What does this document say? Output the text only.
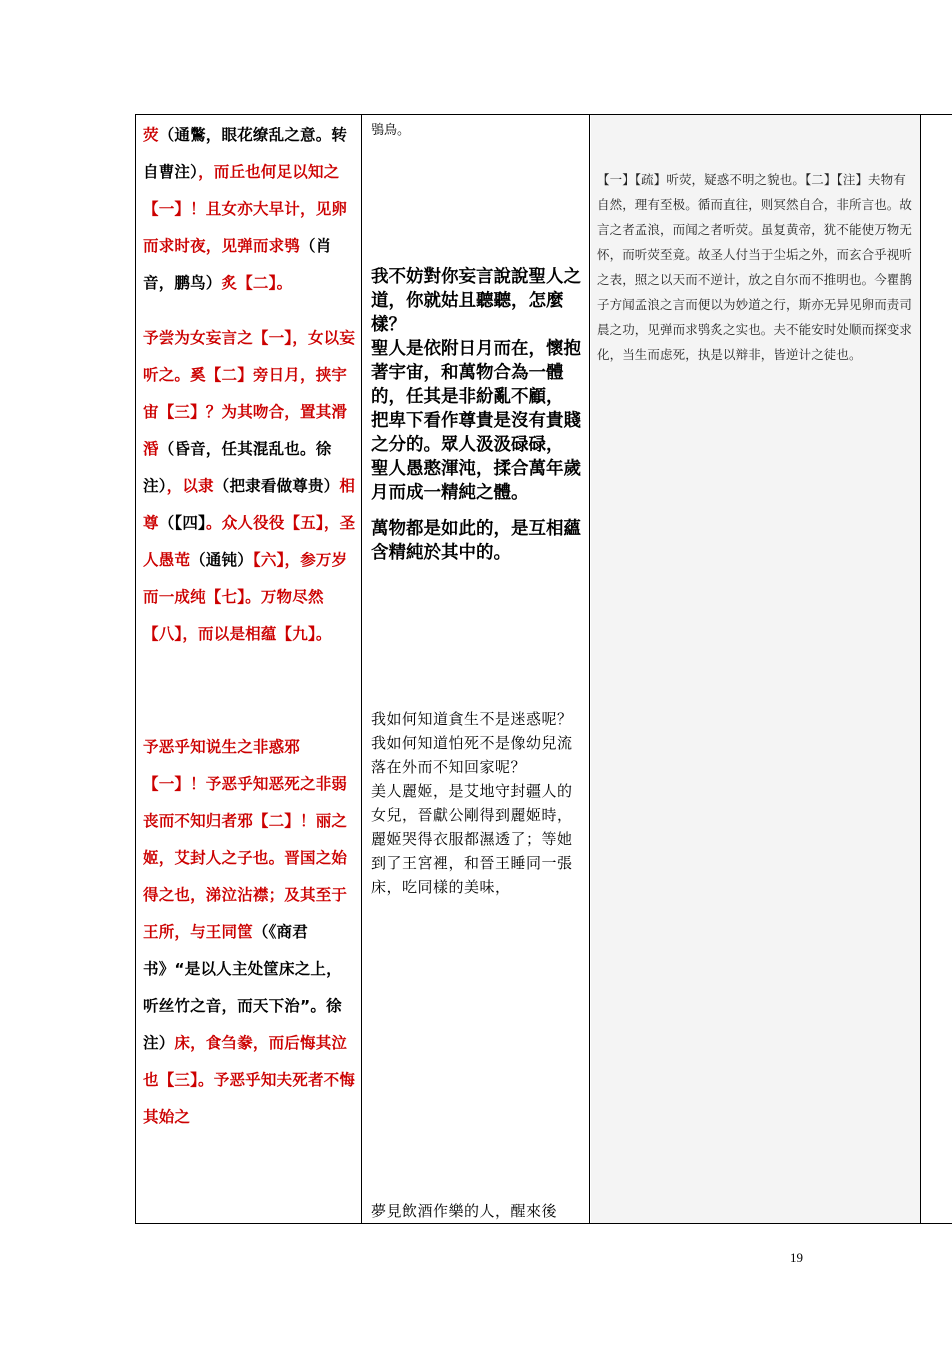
荧（通鷩，眼花缭乱之意。转自曹注），而丘也何足以知之【一】！且女亦大早计，见卵而求时夜，见弹而求鸮（肖音，鹏鸟）炙【二】。

予尝为女妄言之【一】，女以妄听之。奚【二】旁日月，挟宇宙【三】？为其吻合，置其滑涽（昏音，任其混乱也。徐注），以隶（把隶看做尊贵）相尊（【四】。众人役役【五】，圣人愚芚（通钝）【六】，参万岁而一成纯【七】。万物尽然【八】，而以是相蕴【九】。

予恶乎知说生之非惑邪【一】！予恶乎知恶死之非弱丧而不知归者邪【二】！丽之姬，艾封人之子也。晋国之始得之也，涕泣沾襟；及其至于王所，与王同筐（《商君书》“是以人主处筐床之上，听丝竹之音，而天下治”。徐注）床，食刍豢，而后悔其泣也【三】。予恶乎知夫死者不悔其始之

鴞鳥。

我不妨對你妄言說說聖人之道，你就姑且聽聽，怎麼樣？

聖人是依附日月而在，懷抱著宇宙，和萬物合為一體的，任其是非紛亂不顧，

把卑下看作尊貴是沒有貴賤之分的。眾人汲汲碌碌，

聖人愚憨渾沌，揉合萬年歲月而成一精純之體。

萬物都是如此的，是互相蘊含精純於其中的。

我如何知道貪生不是迷惑呢？我如何知道怕死不是像幼兒流落在外而不知回家呢？

美人麗姬，是艾地守封疆人的女兒，晉獻公剛得到麗姬時，麗姬哭得衣服都濕透了；等她到了王宮裡，和晉王睡同一張床，吃同樣的美味，

夢見飲酒作樂的人，醒來後
【一】【疏】听荧，疑惑不明之貌也。【二】【注】夫物有自然，理有至极。循而直往，则冥然自合，非所言也。故言之者孟浪，而闻之者听荧。虽复黄帝，犹不能使万物无怀，而听荧至竟。故圣人付当于尘垢之外，而玄合乎视听之表，照之以天而不逆计，放之自尔而不推明也。今瞿鹊子方闻孟浪之言而便以为妙道之行，斯亦无异见卵而责司晨之功，见弹而求鸮炙之实也。夫不能安时处顺而探变求化，当生而虑死，执是以辩非，皆逆计之徒也。
19
